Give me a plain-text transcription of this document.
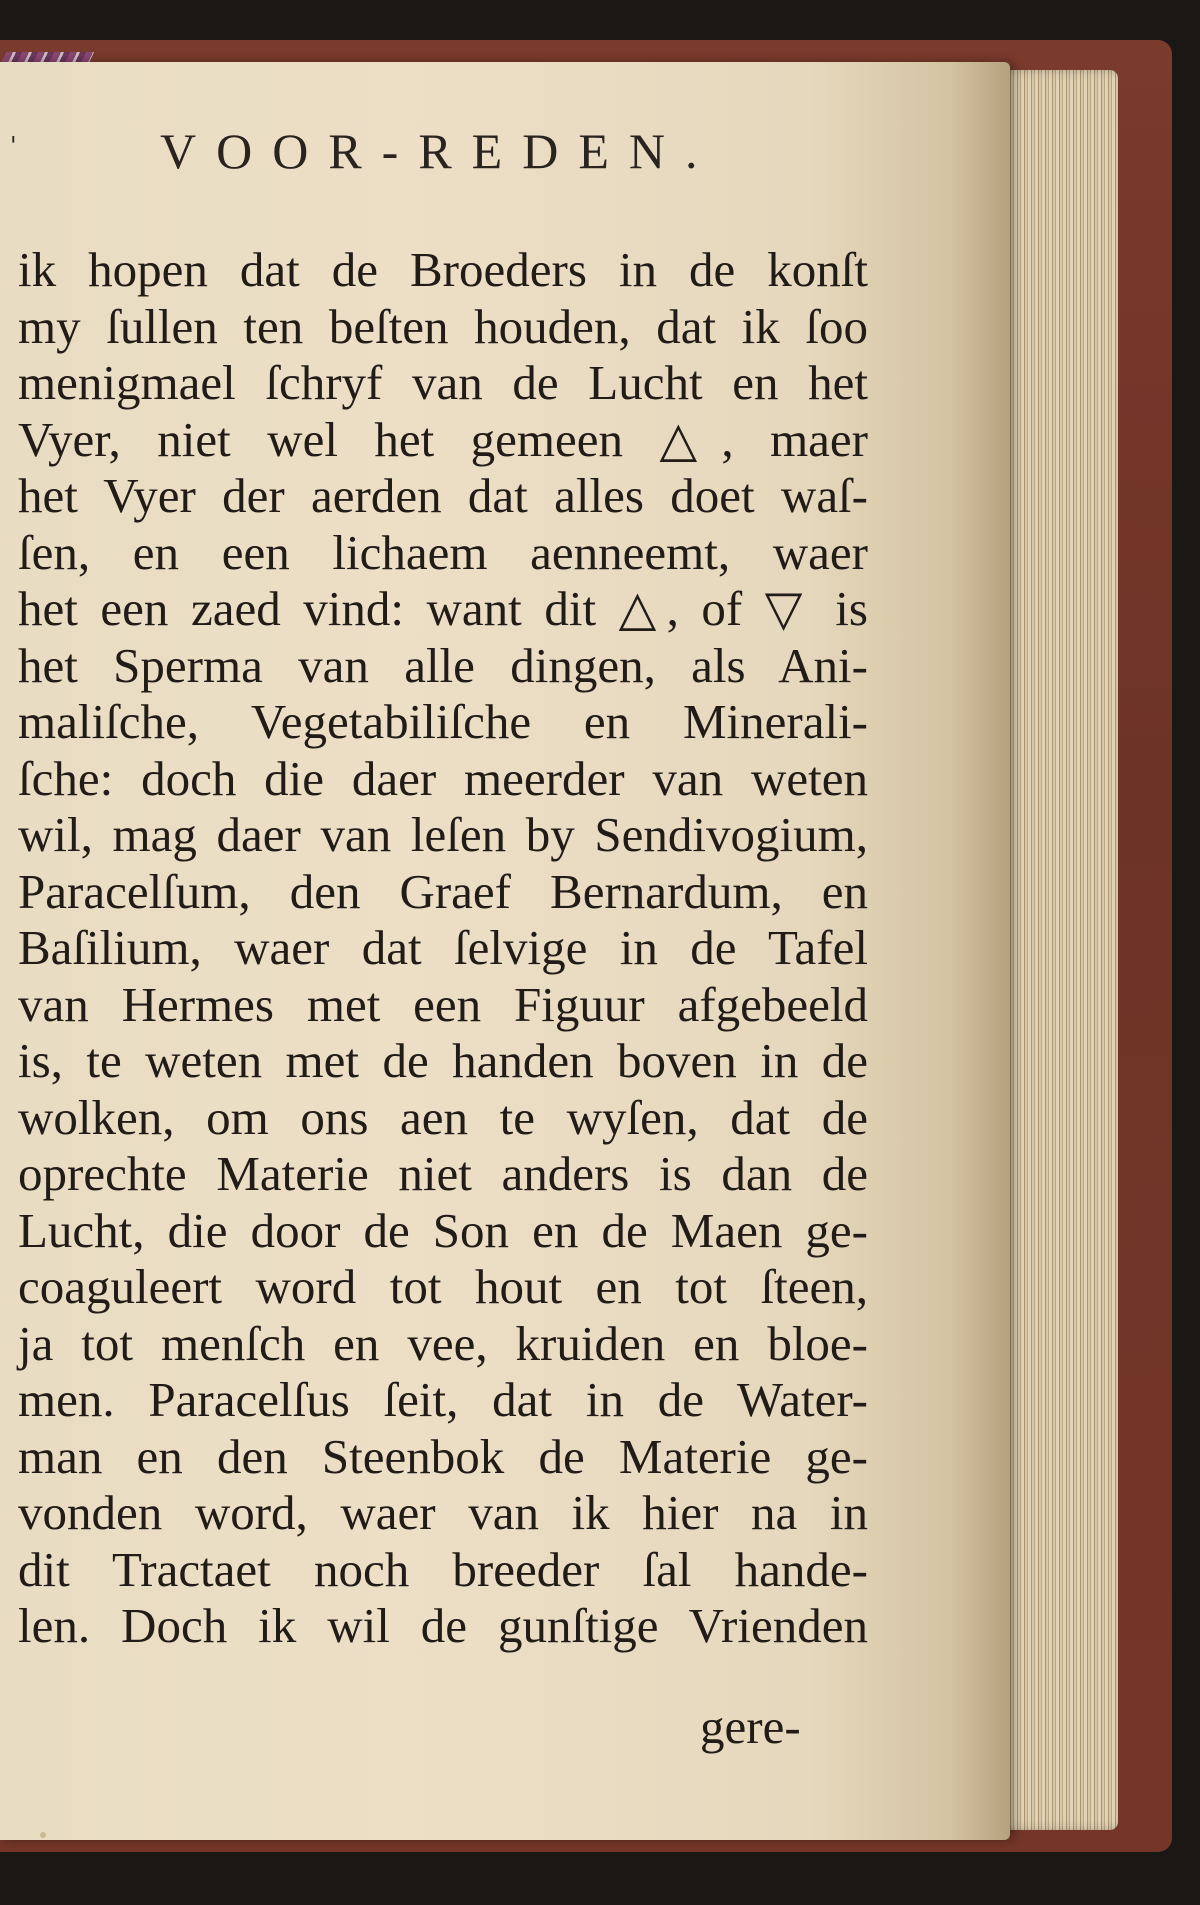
'	VOOR-REDEN.
ik hopen dat de Broeders in de konſt
my ſullen ten beſten houden, dat ik ſoo
menigmael ſchryf van de Lucht en het
Vyer, niet wel het gemeen △, maer
het Vyer der aerden dat alles doet waſ-
ſen, en een lichaem aenneemt, waer
het een zaed vind: want dit △, of ▽ is
het Sperma van alle dingen, als Ani-
maliſche, Vegetabiliſche en Minerali-
ſche: doch die daer meerder van weten
wil, mag daer van leſen by Sendivogium,
Paracelſum, den Graef Bernardum, en
Baſilium, waer dat ſelvige in de Tafel
van Hermes met een Figuur afgebeeld
is, te weten met de handen boven in de
wolken, om ons aen te wyſen, dat de
oprechte Materie niet anders is dan de
Lucht, die door de Son en de Maen ge-
coaguleert word tot hout en tot ſteen,
ja tot menſch en vee, kruiden en bloe-
men. Paracelſus ſeit, dat in de Water-
man en den Steenbok de Materie ge-
vonden word, waer van ik hier na in
dit Tractaet noch breeder ſal hande-
len. Doch ik wil de gunſtige Vrienden
gere-
